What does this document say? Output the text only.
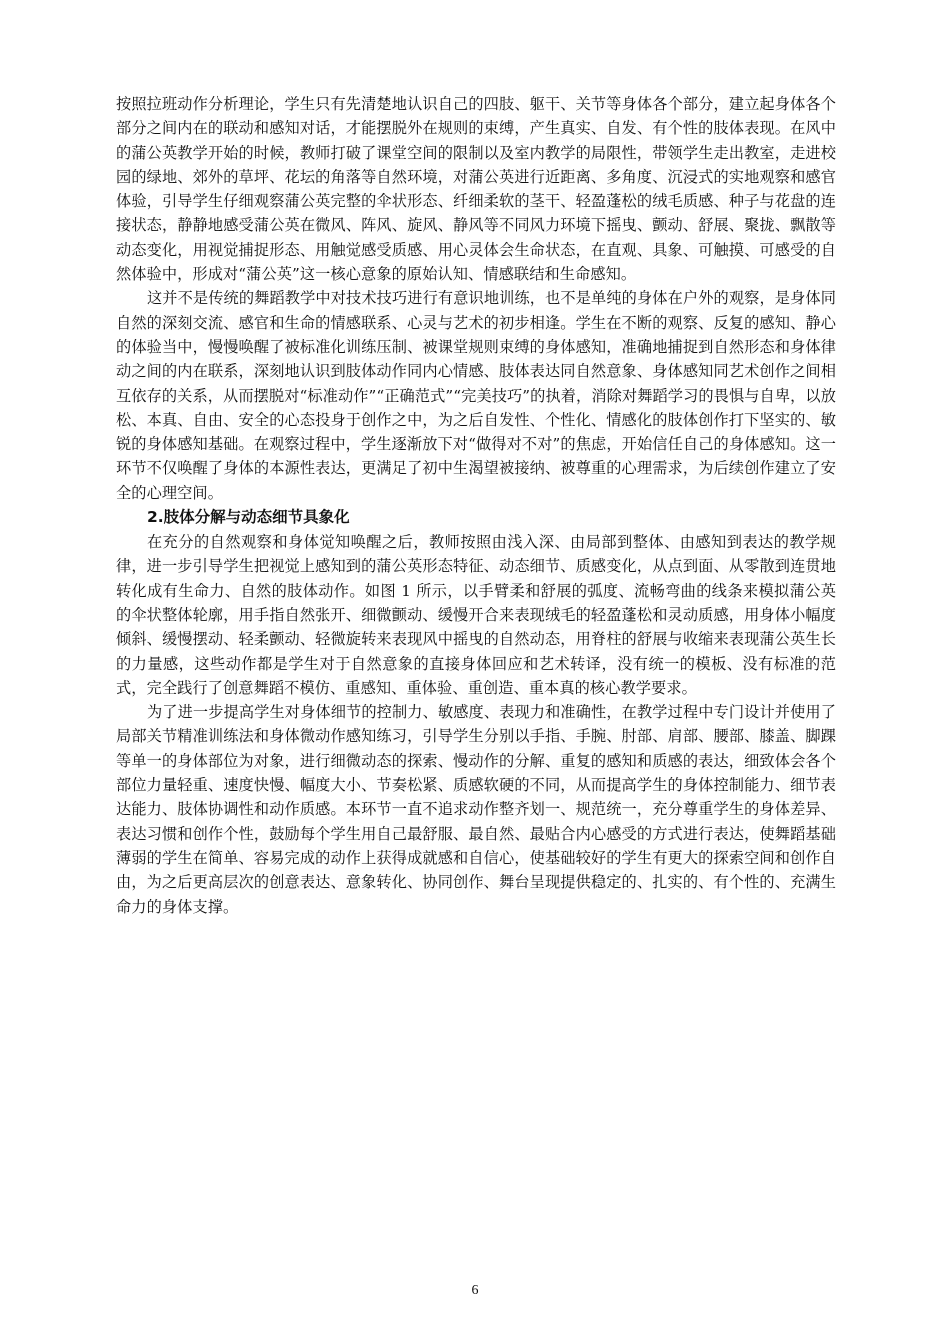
按照拉班动作分析理论，学生只有先清楚地认识自己的四肢、躯干、关节等身体各个部分，建立起身体各个部分之间内在的联动和感知对话，才能摆脱外在规则的束缚，产生真实、自发、有个性的肢体表现。在风中的蒲公英教学开始的时候，教师打破了课堂空间的限制以及室内教学的局限性，带领学生走出教室，走进校园的绿地、郊外的草坪、花坛的角落等自然环境，对蒲公英进行近距离、多角度、沉浸式的实地观察和感官体验，引导学生仔细观察蒲公英完整的伞状形态、纤细柔软的茎干、轻盈蓬松的绒毛质感、种子与花盘的连接状态，静静地感受蒲公英在微风、阵风、旋风、静风等不同风力环境下摇曳、颤动、舒展、聚拢、飘散等动态变化，用视觉捕捉形态、用触觉感受质感、用心灵体会生命状态，在直观、具象、可触摸、可感受的自然体验中，形成对“蒲公英”这一核心意象的原始认知、情感联结和生命感知。

这并不是传统的舞蹈教学中对技术技巧进行有意识地训练，也不是单纯的身体在户外的观察，是身体同自然的深刻交流、感官和生命的情感联系、心灵与艺术的初步相逢。学生在不断的观察、反复的感知、静心的体验当中，慢慢唤醒了被标准化训练压制、被课堂规则束缚的身体感知，准确地捕捉到自然形态和身体律动之间的内在联系，深刻地认识到肢体动作同内心情感、肢体表达同自然意象、身体感知同艺术创作之间相互依存的关系，从而摆脱对“标准动作”“正确范式”“完美技巧”的执着，消除对舞蹈学习的畏惧与自卑，以放松、本真、自由、安全的心态投身于创作之中，为之后自发性、个性化、情感化的肢体创作打下坚实的、敏锐的身体感知基础。在观察过程中，学生逐渐放下对“做得对不对”的焦虑，开始信任自己的身体感知。这一环节不仅唤醒了身体的本源性表达，更满足了初中生渴望被接纳、被尊重的心理需求，为后续创作建立了安全的心理空间。

2.肢体分解与动态细节具象化

在充分的自然观察和身体觉知唤醒之后，教师按照由浅入深、由局部到整体、由感知到表达的教学规律，进一步引导学生把视觉上感知到的蒲公英形态特征、动态细节、质感变化，从点到面、从零散到连贯地转化成有生命力、自然的肢体动作。如图 1 所示，以手臂柔和舒展的弧度、流畅弯曲的线条来模拟蒲公英的伞状整体轮廓，用手指自然张开、细微颤动、缓慢开合来表现绒毛的轻盈蓬松和灵动质感，用身体小幅度倾斜、缓慢摆动、轻柔颤动、轻微旋转来表现风中摇曳的自然动态，用脊柱的舒展与收缩来表现蒲公英生长的力量感，这些动作都是学生对于自然意象的直接身体回应和艺术转译，没有统一的模板、没有标准的范式，完全践行了创意舞蹈不模仿、重感知、重体验、重创造、重本真的核心教学要求。

为了进一步提高学生对身体细节的控制力、敏感度、表现力和准确性，在教学过程中专门设计并使用了局部关节精准训练法和身体微动作感知练习，引导学生分别以手指、手腕、肘部、肩部、腰部、膝盖、脚踝等单一的身体部位为对象，进行细微动态的探索、慢动作的分解、重复的感知和质感的表达，细致体会各个部位力量轻重、速度快慢、幅度大小、节奏松紧、质感软硬的不同，从而提高学生的身体控制能力、细节表达能力、肢体协调性和动作质感。本环节一直不追求动作整齐划一、规范统一，充分尊重学生的身体差异、表达习惯和创作个性，鼓励每个学生用自己最舒服、最自然、最贴合内心感受的方式进行表达，使舞蹈基础薄弱的学生在简单、容易完成的动作上获得成就感和自信心，使基础较好的学生有更大的探索空间和创作自由，为之后更高层次的创意表达、意象转化、协同创作、舞台呈现提供稳定的、扎实的、有个性的、充满生命力的身体支撑。

6
